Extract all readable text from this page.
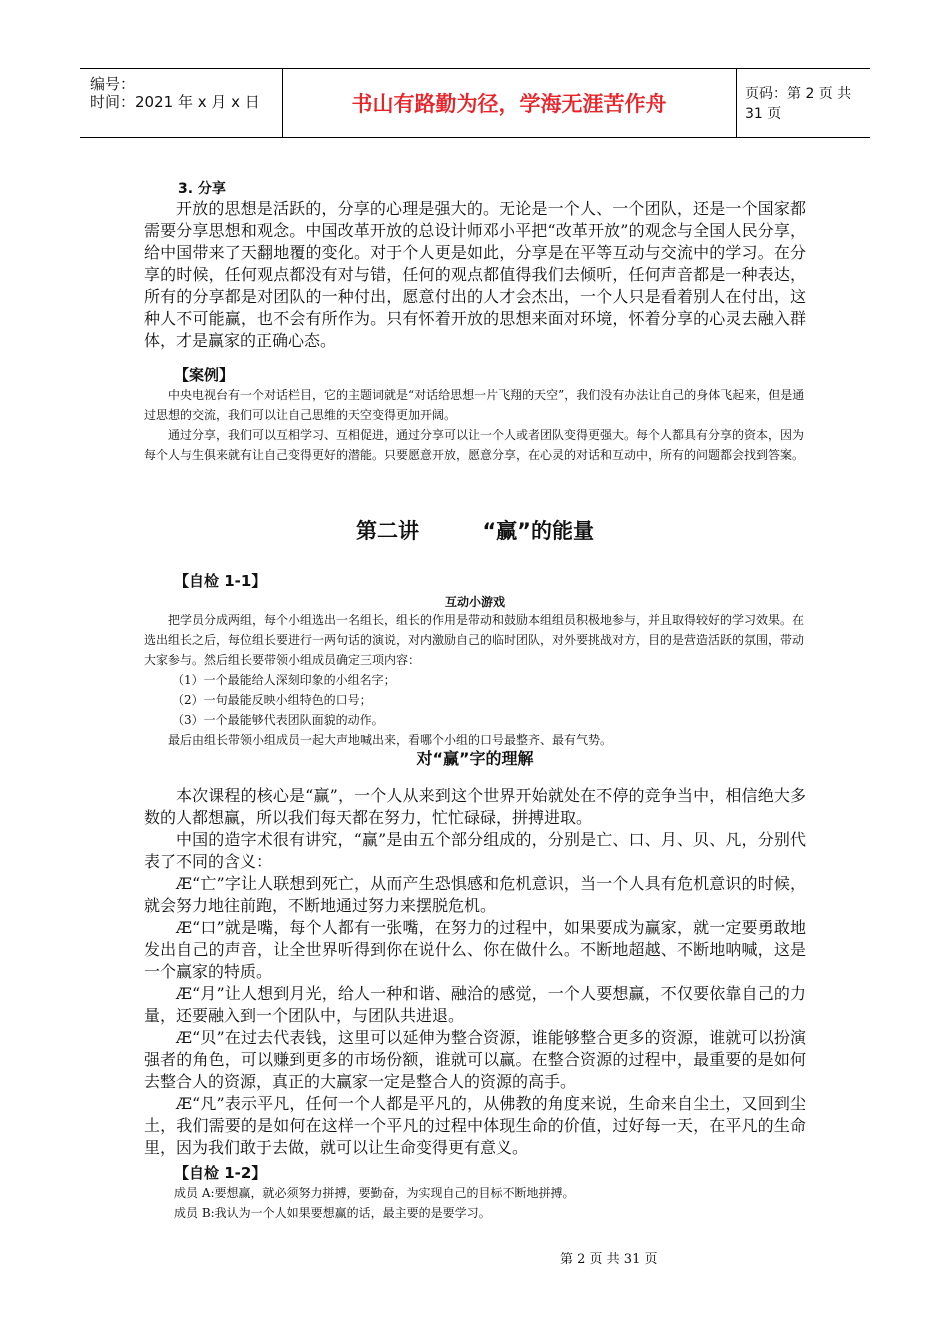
编号：
时间：2021 年 x 月 x 日	书山有路勤为径，学海无涯苦作舟	页码：第 2 页 共 31 页
3. 分享

开放的思想是活跃的，分享的心理是强大的。无论是一个人、一个团队，还是一个国家都需要分享思想和观念。中国改革开放的总设计师邓小平把“改革开放”的观念与全国人民分享，给中国带来了天翻地覆的变化。对于个人更是如此，分享是在平等互动与交流中的学习。在分享的时候，任何观点都没有对与错，任何的观点都值得我们去倾听，任何声音都是一种表达，所有的分享都是对团队的一种付出，愿意付出的人才会杰出，一个人只是看着别人在付出，这种人不可能赢，也不会有所作为。只有怀着开放的思想来面对环境，怀着分享的心灵去融入群体，才是赢家的正确心态。

【案例】

中央电视台有一个对话栏目，它的主题词就是“对话给思想一片飞翔的天空”，我们没有办法让自己的身体飞起来，但是通过思想的交流，我们可以让自己思维的天空变得更加开阔。

通过分享，我们可以互相学习、互相促进，通过分享可以让一个人或者团队变得更强大。每个人都具有分享的资本，因为每个人与生俱来就有让自己变得更好的潜能。只要愿意开放，愿意分享，在心灵的对话和互动中，所有的问题都会找到答案。

第二讲	“赢”的能量
【自检 1-1】
互动小游戏

把学员分成两组，每个小组选出一名组长，组长的作用是带动和鼓励本组组员积极地参与，并且取得较好的学习效果。在选出组长之后，每位组长要进行一两句话的演说，对内激励自己的临时团队，对外要挑战对方，目的是营造活跃的氛围，带动大家参与。然后组长要带领小组成员确定三项内容：

（1）一个最能给人深刻印象的小组名字；

（2）一句最能反映小组特色的口号；

（3）一个最能够代表团队面貌的动作。

最后由组长带领小组成员一起大声地喊出来，看哪个小组的口号最整齐、最有气势。

对“赢”字的理解

本次课程的核心是“赢”，一个人从来到这个世界开始就处在不停的竞争当中，相信绝大多数的人都想赢，所以我们每天都在努力，忙忙碌碌，拼搏进取。

中国的造字术很有讲究，“赢”是由五个部分组成的，分别是亡、口、月、贝、凡，分别代表了不同的含义：

Æ“亡”字让人联想到死亡，从而产生恐惧感和危机意识，当一个人具有危机意识的时候，就会努力地往前跑，不断地通过努力来摆脱危机。

Æ“口”就是嘴，每个人都有一张嘴，在努力的过程中，如果要成为赢家，就一定要勇敢地发出自己的声音，让全世界听得到你在说什么、你在做什么。不断地超越、不断地呐喊，这是一个赢家的特质。

Æ“月”让人想到月光，给人一种和谐、融洽的感觉，一个人要想赢，不仅要依靠自己的力量，还要融入到一个团队中，与团队共进退。

Æ“贝”在过去代表钱，这里可以延伸为整合资源，谁能够整合更多的资源，谁就可以扮演强者的角色，可以赚到更多的市场份额，谁就可以赢。在整合资源的过程中，最重要的是如何去整合人的资源，真正的大赢家一定是整合人的资源的高手。

Æ“凡”表示平凡，任何一个人都是平凡的，从佛教的角度来说，生命来自尘土，又回到尘土，我们需要的是如何在这样一个平凡的过程中体现生命的价值，过好每一天，在平凡的生命里，因为我们敢于去做，就可以让生命变得更有意义。

【自检 1-2】

成员 A:要想赢，就必须努力拼搏，要勤奋，为实现自己的目标不断地拼搏。

成员 B:我认为一个人如果要想赢的话，最主要的是要学习。

第 2 页 共 31 页
